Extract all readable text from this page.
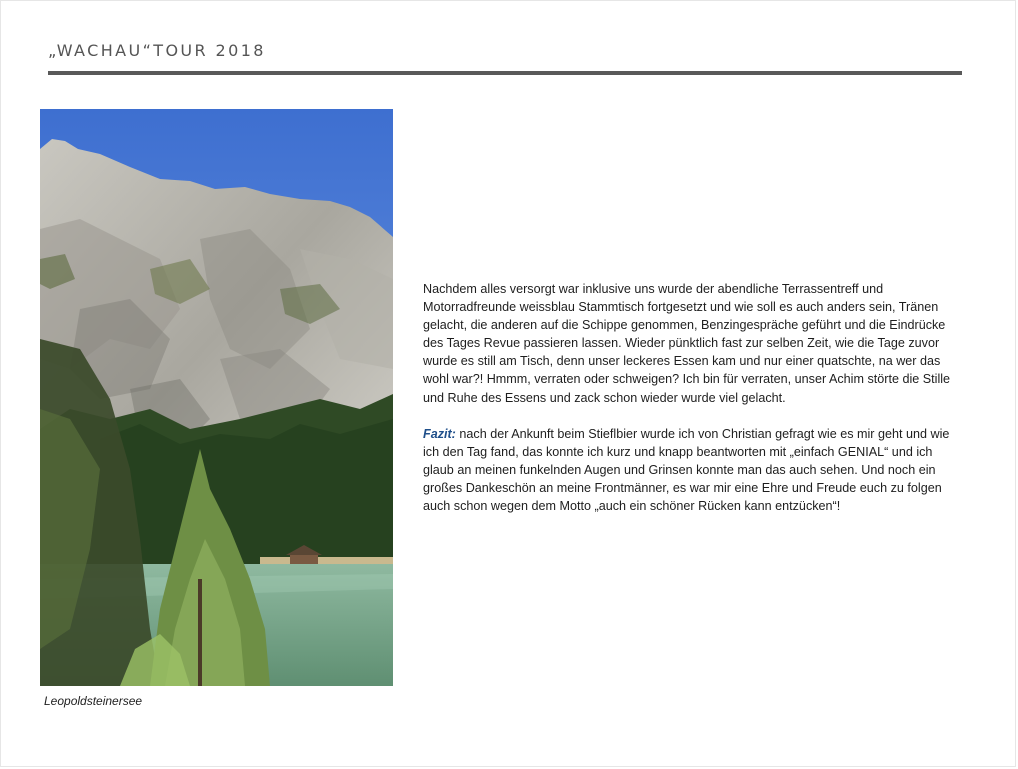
„WACHAU“TOUR 2018
Leopoldsteinersee

Nachdem alles versorgt war inklusive uns wurde der abendliche Terrassentreff und Motorradfreunde weissblau Stammtisch fortgesetzt und wie soll es auch anders sein, Tränen gelacht, die anderen auf die Schippe genommen, Benzingespräche geführt und die Eindrücke des Tages Revue passieren lassen. Wieder pünktlich fast zur selben Zeit, wie die Tage zuvor wurde es still am Tisch, denn unser leckeres Essen kam und nur einer quatschte, na wer das wohl war?! Hmmm, verraten oder schweigen? Ich bin für verraten, unser Achim störte die Stille und Ruhe des Essens und zack schon wieder wurde viel gelacht.

Fazit: nach der Ankunft beim Stieflbier wurde ich von Christian gefragt wie es mir geht und wie ich den Tag fand, das konnte ich kurz und knapp beantworten mit „einfach GENIAL“ und ich glaub an meinen funkelnden Augen und Grinsen konnte man das auch sehen. Und noch ein großes Dankeschön an meine Frontmänner, es war mir eine Ehre und Freude euch zu folgen auch schon wegen dem Motto „auch ein schöner Rücken kann entzücken“!
